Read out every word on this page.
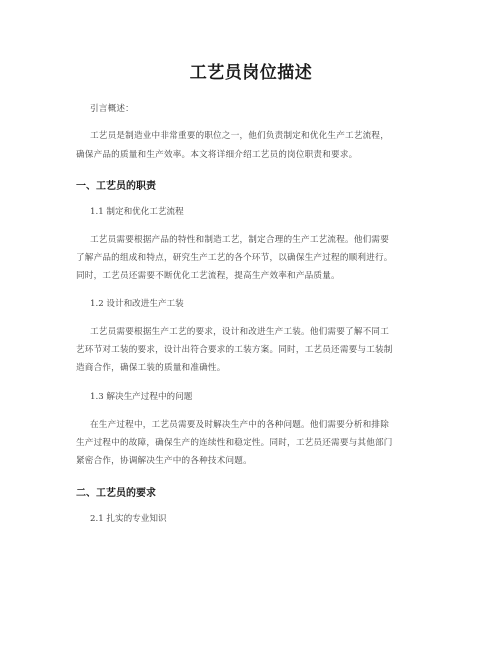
工艺员岗位描述
引言概述：
工艺员是制造业中非常重要的职位之一，他们负责制定和优化生产工艺流程，
确保产品的质量和生产效率。本文将详细介绍工艺员的岗位职责和要求。
一、工艺员的职责
1.1 制定和优化工艺流程
工艺员需要根据产品的特性和制造工艺，制定合理的生产工艺流程。他们需要
了解产品的组成和特点，研究生产工艺的各个环节，以确保生产过程的顺利进行。
同时，工艺员还需要不断优化工艺流程，提高生产效率和产品质量。
1.2 设计和改进生产工装
工艺员需要根据生产工艺的要求，设计和改进生产工装。他们需要了解不同工
艺环节对工装的要求，设计出符合要求的工装方案。同时，工艺员还需要与工装制
造商合作，确保工装的质量和准确性。
1.3 解决生产过程中的问题
在生产过程中，工艺员需要及时解决生产中的各种问题。他们需要分析和排除
生产过程中的故障，确保生产的连续性和稳定性。同时，工艺员还需要与其他部门
紧密合作，协调解决生产中的各种技术问题。
二、工艺员的要求
2.1 扎实的专业知识
